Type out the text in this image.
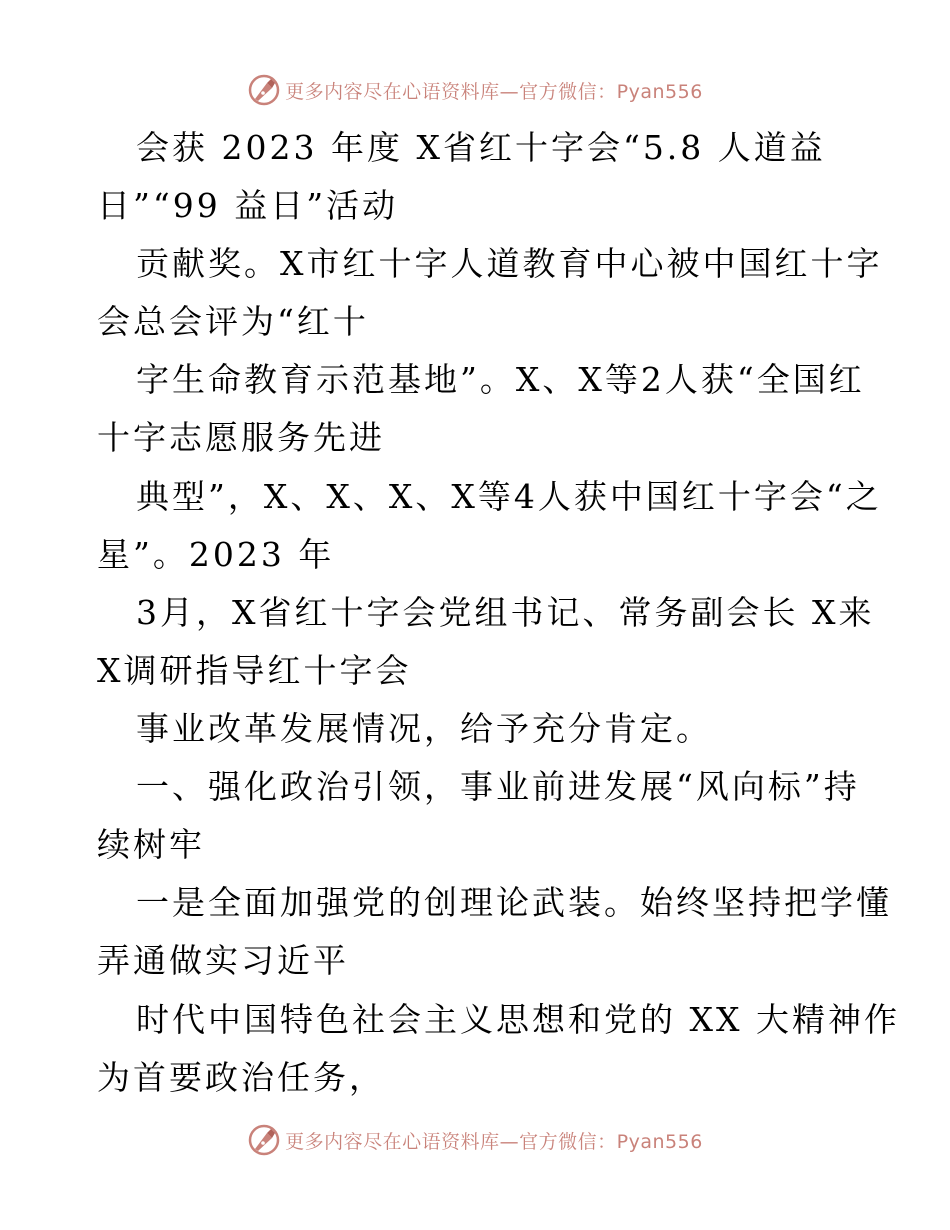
更多内容尽在心语资料库—官方微信：Pyan556
会获 2023 年度 X省红十字会“5.8 人道益
日”“99 益日”活动
贡献奖。X市红十字人道教育中心被中国红十字
会总会评为“红十
字生命教育示范基地”。X、X等2人获“全国红
十字志愿服务先进
典型”，X、X、X、X等4人获中国红十字会“之
星”。2023 年
3月，X省红十字会党组书记、常务副会长 X来
X调研指导红十字会
事业改革发展情况，给予充分肯定。
一、强化政治引领，事业前进发展“风向标”持
续树牢
一是全面加强党的创理论武装。始终坚持把学懂
弄通做实习近平
时代中国特色社会主义思想和党的 XX 大精神作
为首要政治任务，
更多内容尽在心语资料库—官方微信：Pyan556
